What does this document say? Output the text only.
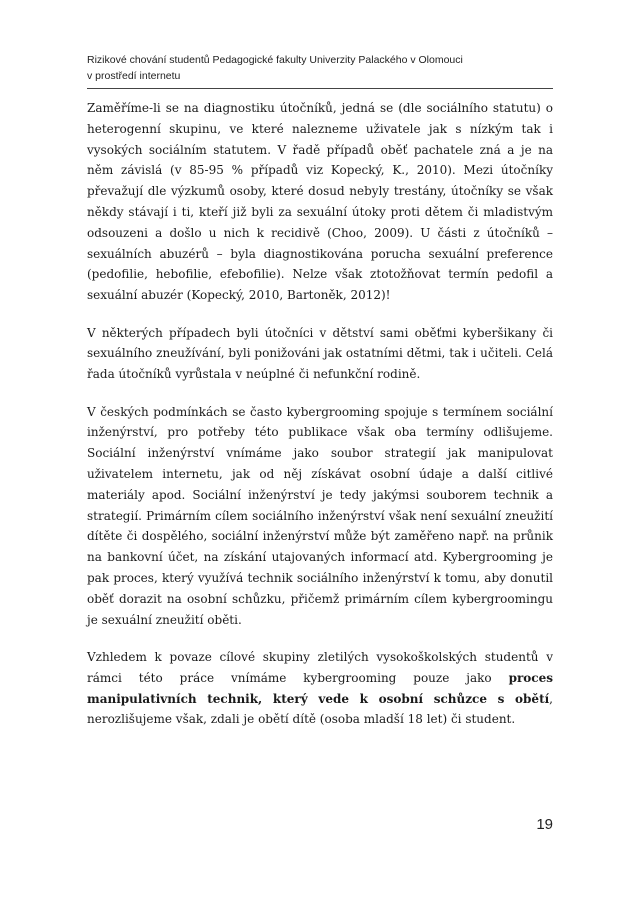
Rizikové chování studentů Pedagogické fakulty Univerzity Palackého v Olomouci
v prostředí internetu

Zaměříme-li se na diagnostiku útočníků, jedná se (dle sociálního statutu) o heterogenní skupinu, ve které nalezneme uživatele jak s nízkým tak i vysokých sociálním statutem. V řadě případů oběť pachatele zná a je na něm závislá (v 85-95 % případů viz Kopecký, K., 2010). Mezi útočníky převažují dle výzkumů osoby, které dosud nebyly trestány, útočníky se však někdy stávají i ti, kteří již byli za sexuální útoky proti dětem či mladistvým odsouzeni a došlo u nich k recidivě (Choo, 2009). U části z útočníků – sexuálních abuzérů – byla diagnostikována porucha sexuální preference (pedofilie, hebofilie, efebofilie). Nelze však ztotožňovat termín pedofil a sexuální abuzér (Kopecký, 2010, Bartoněk, 2012)!

V některých případech byli útočníci v dětství sami oběťmi kyberšikany či sexuálního zneužívání, byli ponižováni jak ostatními dětmi, tak i učiteli. Celá řada útočníků vyrůstala v neúplné či nefunkční rodině.

V českých podmínkách se často kybergrooming spojuje s termínem sociální inženýrství, pro potřeby této publikace však oba termíny odlišujeme. Sociální inženýrství vnímáme jako soubor strategií jak manipulovat uživatelem internetu, jak od něj získávat osobní údaje a další citlivé materiály apod. Sociální inženýrství je tedy jakýmsi souborem technik a strategií. Primárním cílem sociálního inženýrství však není sexuální zneužití dítěte či dospělého, sociální inženýrství může být zaměřeno např. na průnik na bankovní účet, na získání utajovaných informací atd. Kybergrooming je pak proces, který využívá technik sociálního inženýrství k tomu, aby donutil oběť dorazit na osobní schůzku, přičemž primárním cílem kybergroomingu je sexuální zneužití oběti.

Vzhledem k povaze cílové skupiny zletilých vysokoškolských studentů v rámci této práce vnímáme kybergrooming pouze jako proces manipulativních technik, který vede k osobní schůzce s obětí, nerozlišujeme však, zdali je obětí dítě (osoba mladší 18 let) či student.

19
